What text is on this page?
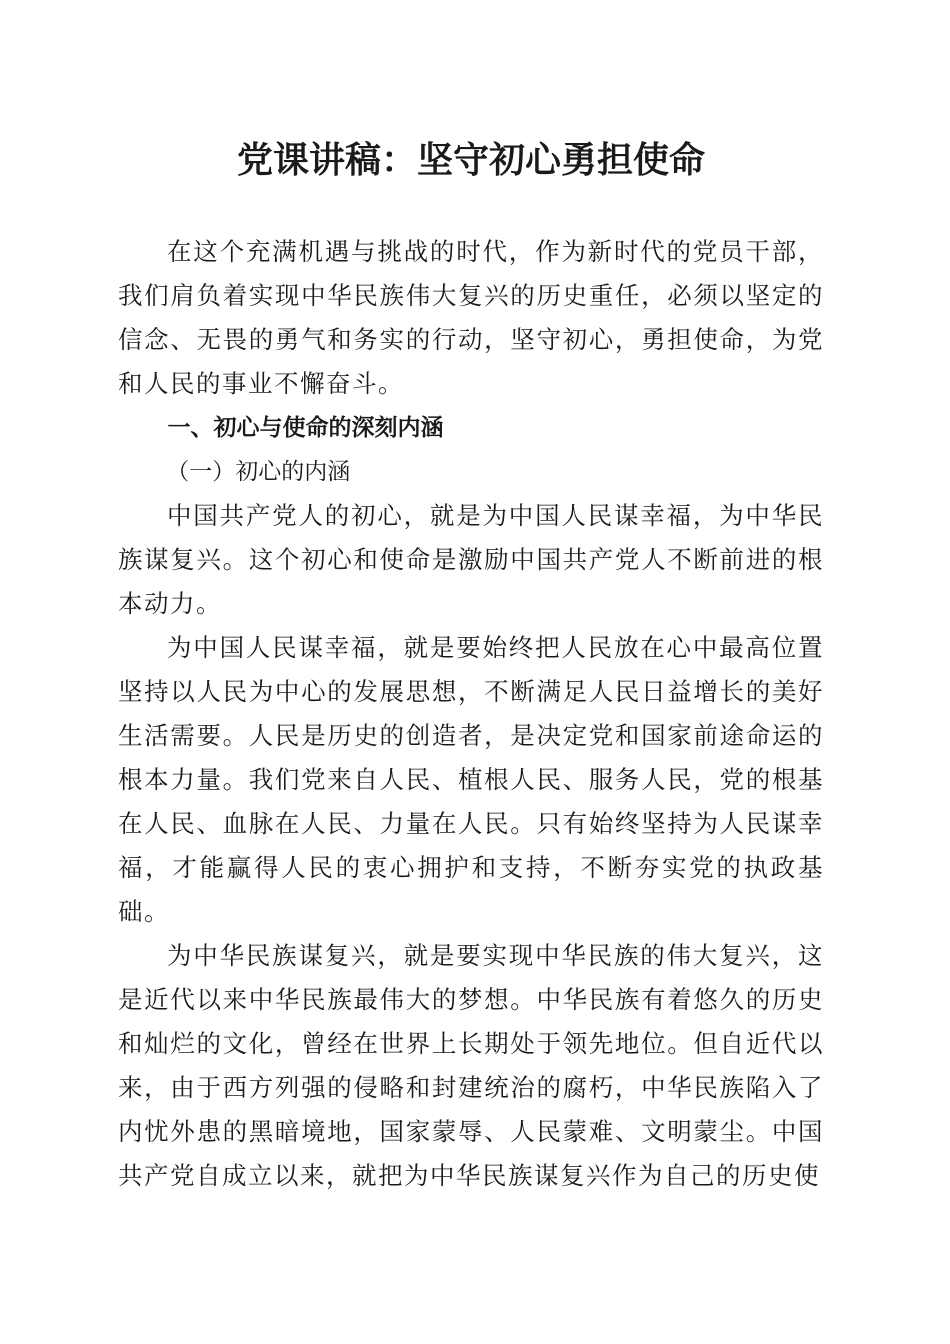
党课讲稿：坚守初心勇担使命

在这个充满机遇与挑战的时代，作为新时代的党员干部，我们肩负着实现中华民族伟大复兴的历史重任，必须以坚定的信念、无畏的勇气和务实的行动，坚守初心，勇担使命，为党和人民的事业不懈奋斗。

一、初心与使命的深刻内涵

（一）初心的内涵

中国共产党人的初心，就是为中国人民谋幸福，为中华民族谋复兴。这个初心和使命是激励中国共产党人不断前进的根本动力。

为中国人民谋幸福，就是要始终把人民放在心中最高位置坚持以人民为中心的发展思想，不断满足人民日益增长的美好生活需要。人民是历史的创造者，是决定党和国家前途命运的根本力量。我们党来自人民、植根人民、服务人民，党的根基在人民、血脉在人民、力量在人民。只有始终坚持为人民谋幸福，才能赢得人民的衷心拥护和支持，不断夯实党的执政基础。

为中华民族谋复兴，就是要实现中华民族的伟大复兴，这是近代以来中华民族最伟大的梦想。中华民族有着悠久的历史和灿烂的文化，曾经在世界上长期处于领先地位。但自近代以来，由于西方列强的侵略和封建统治的腐朽，中华民族陷入了内忧外患的黑暗境地，国家蒙辱、人民蒙难、文明蒙尘。中国共产党自成立以来，就把为中华民族谋复兴作为自己的历史使
